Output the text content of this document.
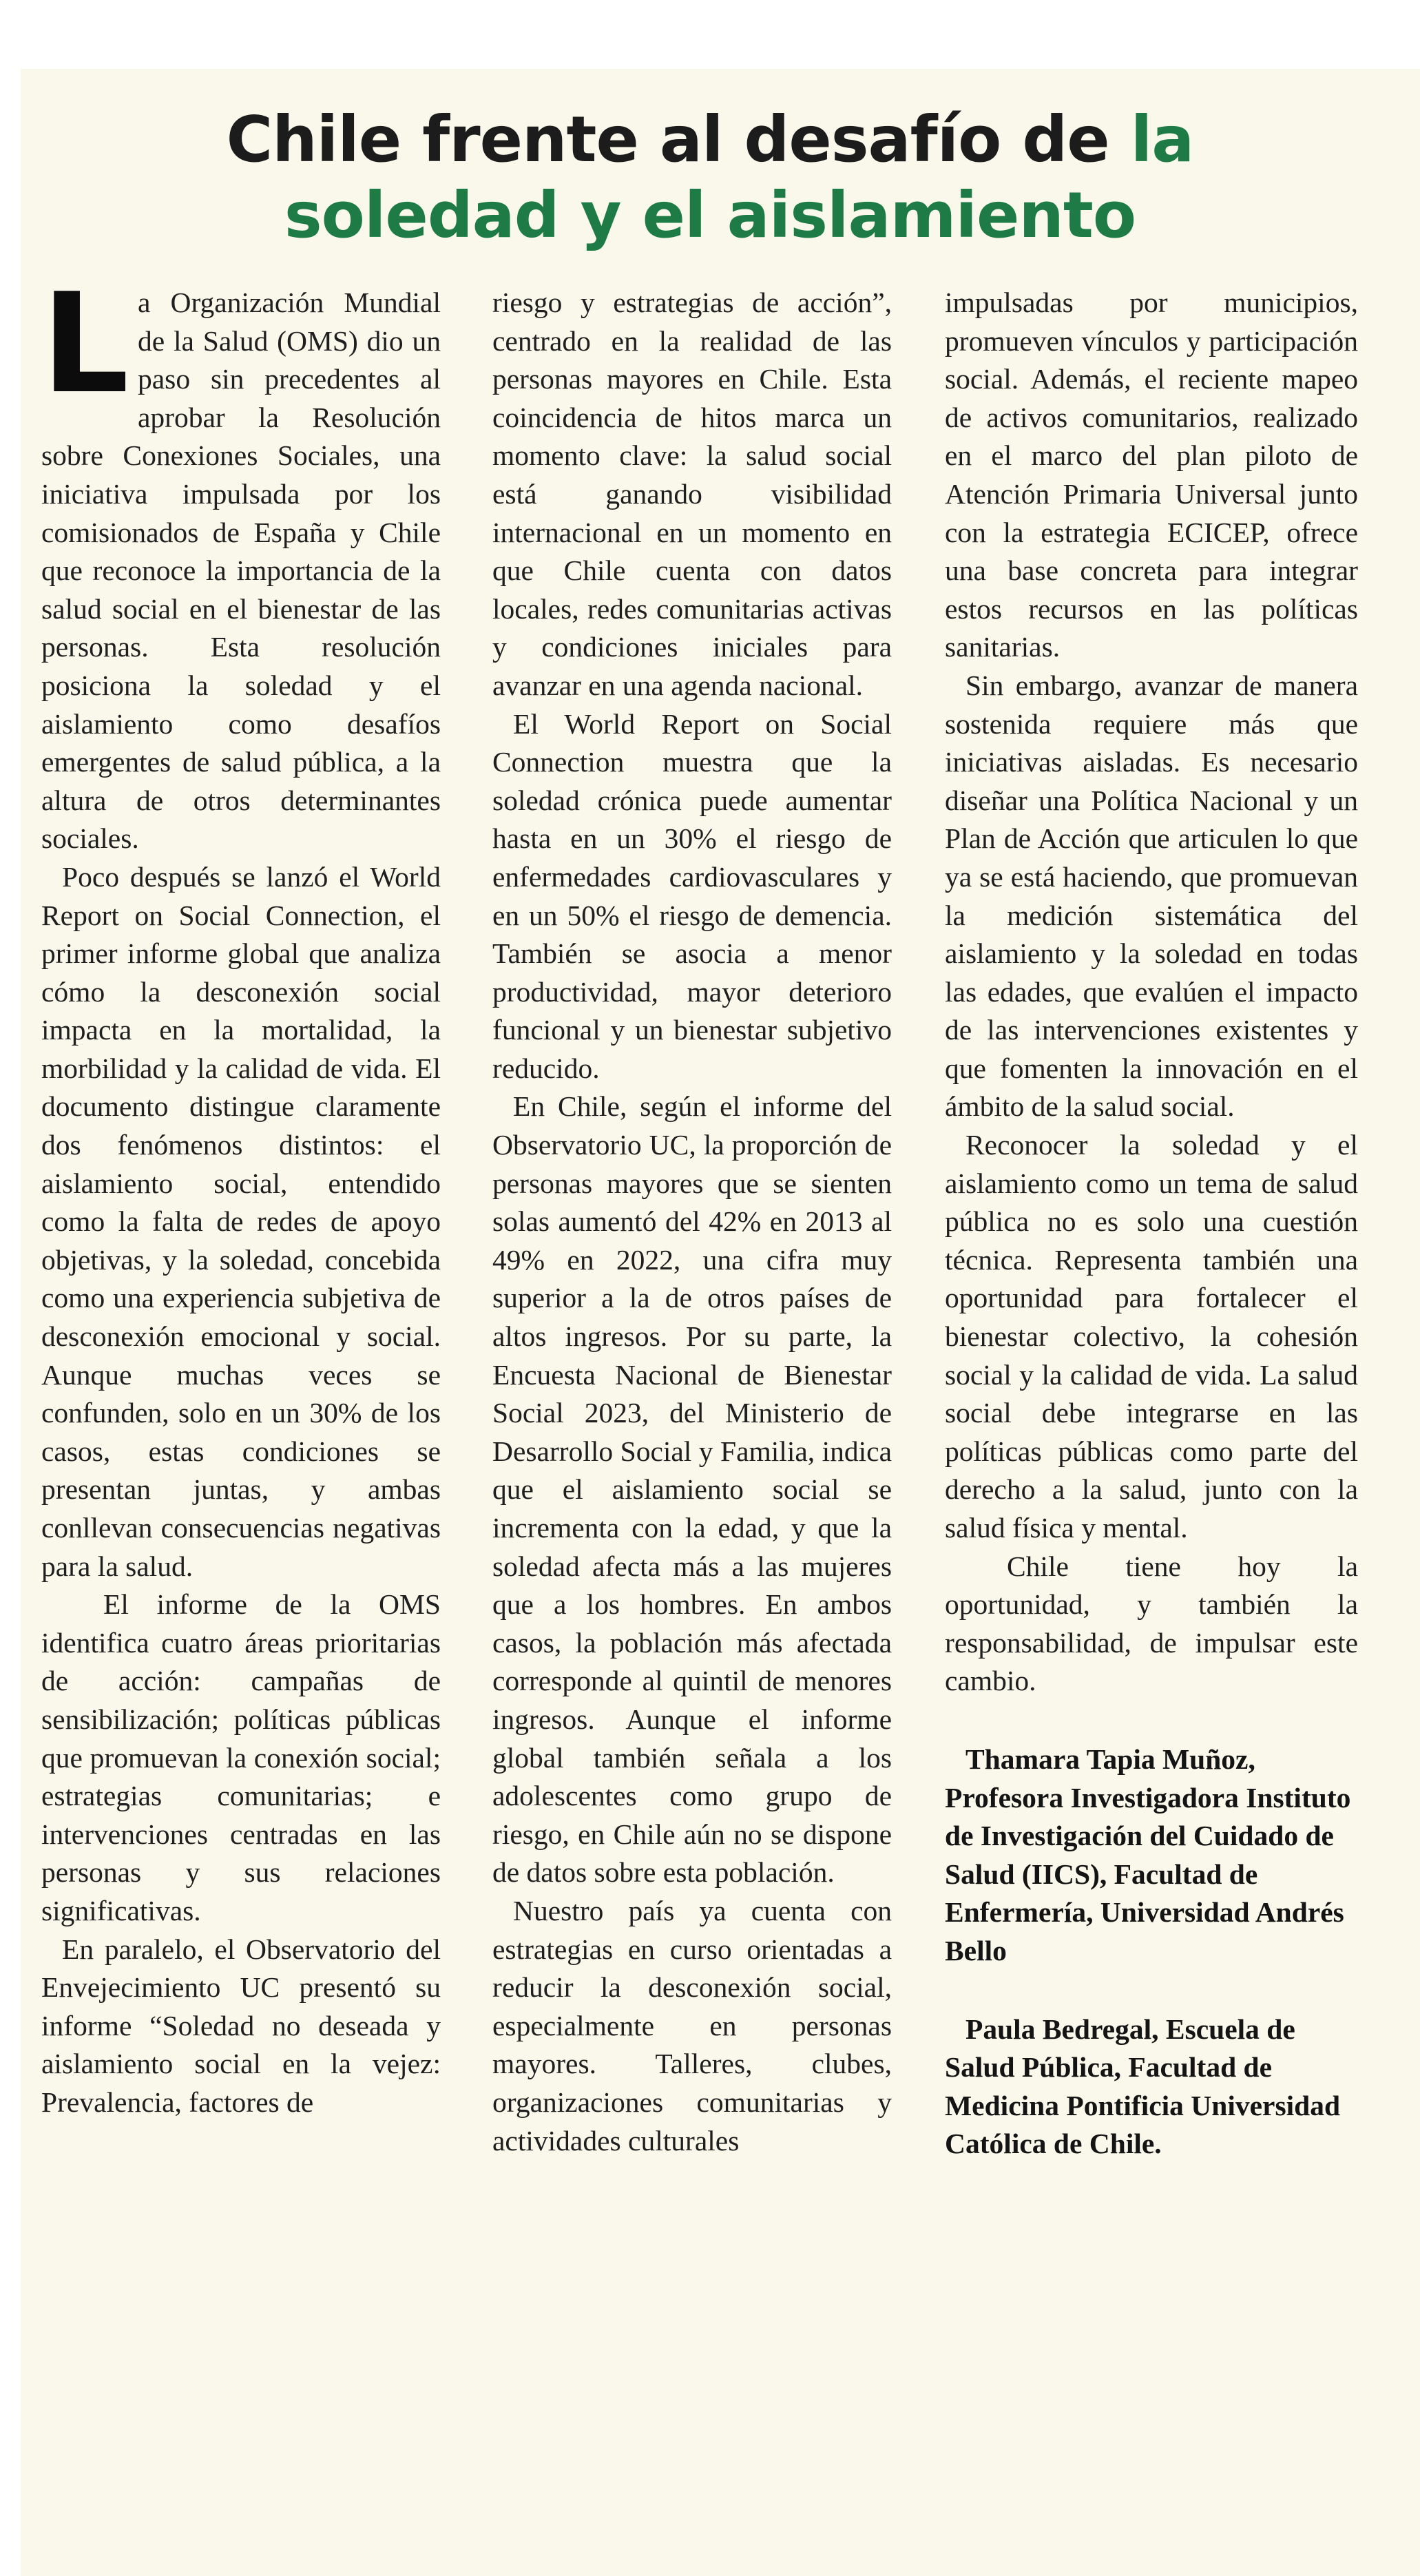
Chile frente al desafío de la
soledad y el aislamiento

La Organización Mundial de la Salud (OMS) dio un paso sin precedentes al aprobar la Resolución sobre Conexiones Sociales, una iniciativa impulsada por los comisionados de España y Chile que reconoce la importancia de la salud social en el bienestar de las personas. Esta resolución posiciona la soledad y el aislamiento como desafíos emergentes de salud pública, a la altura de otros determinantes sociales.

Poco después se lanzó el World Report on Social Connection, el primer informe global que analiza cómo la desconexión social impacta en la mortalidad, la morbilidad y la calidad de vida. El documento distingue claramente dos fenómenos distintos: el aislamiento social, entendido como la falta de redes de apoyo objetivas, y la soledad, concebida como una experiencia subjetiva de desconexión emocional y social. Aunque muchas veces se confunden, solo en un 30% de los casos, estas condiciones se presentan juntas, y ambas conllevan consecuencias negativas para la salud.

El informe de la OMS identifica cuatro áreas prioritarias de acción: campañas de sensibilización; políticas públicas que promuevan la conexión social; estrategias comunitarias; e intervenciones centradas en las personas y sus relaciones significativas.

En paralelo, el Observatorio del Envejecimiento UC presentó su informe “Soledad no deseada y aislamiento social en la vejez: Prevalencia, factores de

riesgo y estrategias de acción”, centrado en la realidad de las personas mayores en Chile. Esta coincidencia de hitos marca un momento clave: la salud social está ganando visibilidad internacional en un momento en que Chile cuenta con datos locales, redes comunitarias activas y condiciones iniciales para avanzar en una agenda nacional.

El World Report on Social Connection muestra que la soledad crónica puede aumentar hasta en un 30% el riesgo de enfermedades cardiovasculares y en un 50% el riesgo de demencia. También se asocia a menor productividad, mayor deterioro funcional y un bienestar subjetivo reducido.

En Chile, según el informe del Observatorio UC, la proporción de personas mayores que se sienten solas aumentó del 42% en 2013 al 49% en 2022, una cifra muy superior a la de otros países de altos ingresos. Por su parte, la Encuesta Nacional de Bienestar Social 2023, del Ministerio de Desarrollo Social y Familia, indica que el aislamiento social se incrementa con la edad, y que la soledad afecta más a las mujeres que a los hombres. En ambos casos, la población más afectada corresponde al quintil de menores ingresos. Aunque el informe global también señala a los adolescentes como grupo de riesgo, en Chile aún no se dispone de datos sobre esta población.

Nuestro país ya cuenta con estrategias en curso orientadas a reducir la desconexión social, especialmente en personas mayores. Talleres, clubes, organizaciones comunitarias y actividades culturales

impulsadas por municipios, promueven vínculos y participación social. Además, el reciente mapeo de activos comunitarios, realizado en el marco del plan piloto de Atención Primaria Universal junto con la estrategia ECICEP, ofrece una base concreta para integrar estos recursos en las políticas sanitarias.

Sin embargo, avanzar de manera sostenida requiere más que iniciativas aisladas. Es necesario diseñar una Política Nacional y un Plan de Acción que articulen lo que ya se está haciendo, que promuevan la medición sistemática del aislamiento y la soledad en todas las edades, que evalúen el impacto de las intervenciones existentes y que fomenten la innovación en el ámbito de la salud social.

Reconocer la soledad y el aislamiento como un tema de salud pública no es solo una cuestión técnica. Representa también una oportunidad para fortalecer el bienestar colectivo, la cohesión social y la calidad de vida. La salud social debe integrarse en las políticas públicas como parte del derecho a la salud, junto con la salud física y mental.

Chile tiene hoy la oportunidad, y también la responsabilidad, de impulsar este cambio.

Thamara Tapia Muñoz, Profesora Investigadora Instituto de Investigación del Cuidado de Salud (IICS), Facultad de Enfermería, Universidad Andrés Bello

Paula Bedregal, Escuela de Salud Pública, Facultad de Medicina Pontificia Universidad Católica de Chile.
